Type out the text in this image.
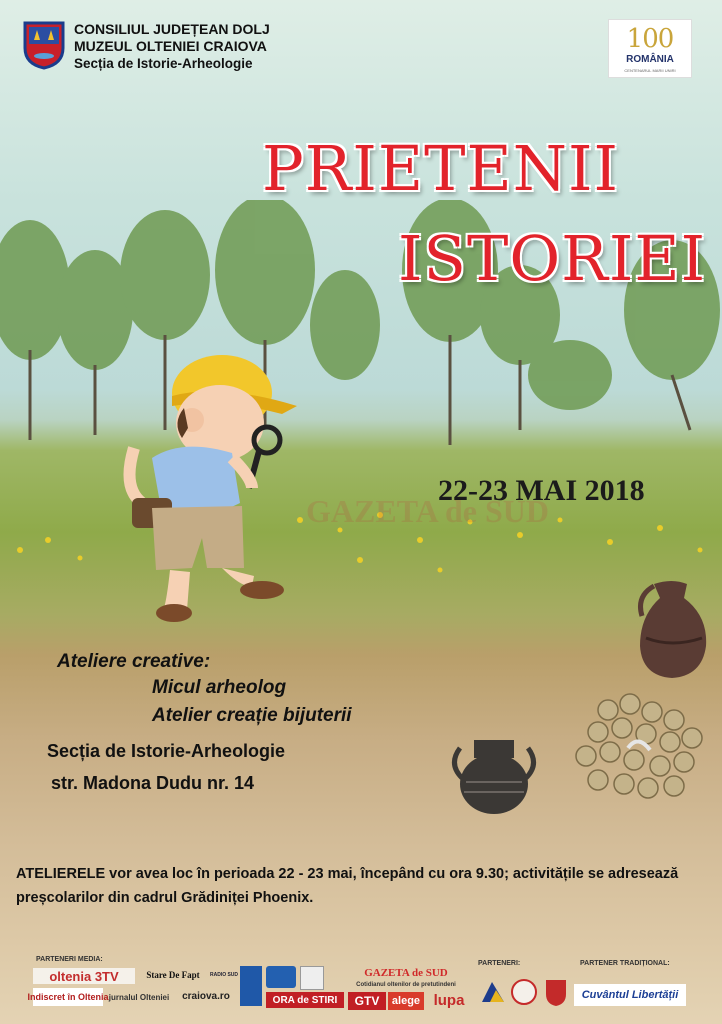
CONSILIUL JUDEȚEAN DOLJ
MUZEUL OLTENIEI CRAIOVA
Secția de Istorie-Arheologie
100
ROMÂNIA
CENTENARUL MARII UNIRI
PRIETENII
ISTORIEI
GAZETA de SUD
22-23 MAI 2018
Ateliere creative:
Micul arheolog
Atelier creație bijuterii
Secția de Istorie-Arheologie
str. Madona Dudu nr. 14
ATELIERELE vor avea loc în perioada 22 - 23 mai, începând cu ora 9.30; activitățile se adresează preșcolarilor din cadrul Grădiniței Phoenix.
PARTENERI MEDIA:
PARTENERI:	PARTENER TRADIȚIONAL:
oltenia 3TV	Stare De Fapt	RADIO SUD
Indiscret în Oltenia jurnalul Olteniei	craiova.ro	ORA de STIRI
GAZETA de SUD
Cotidianul oltenilor de pretutindeni
GTV	alege lupa	Cuvântul Libertății
